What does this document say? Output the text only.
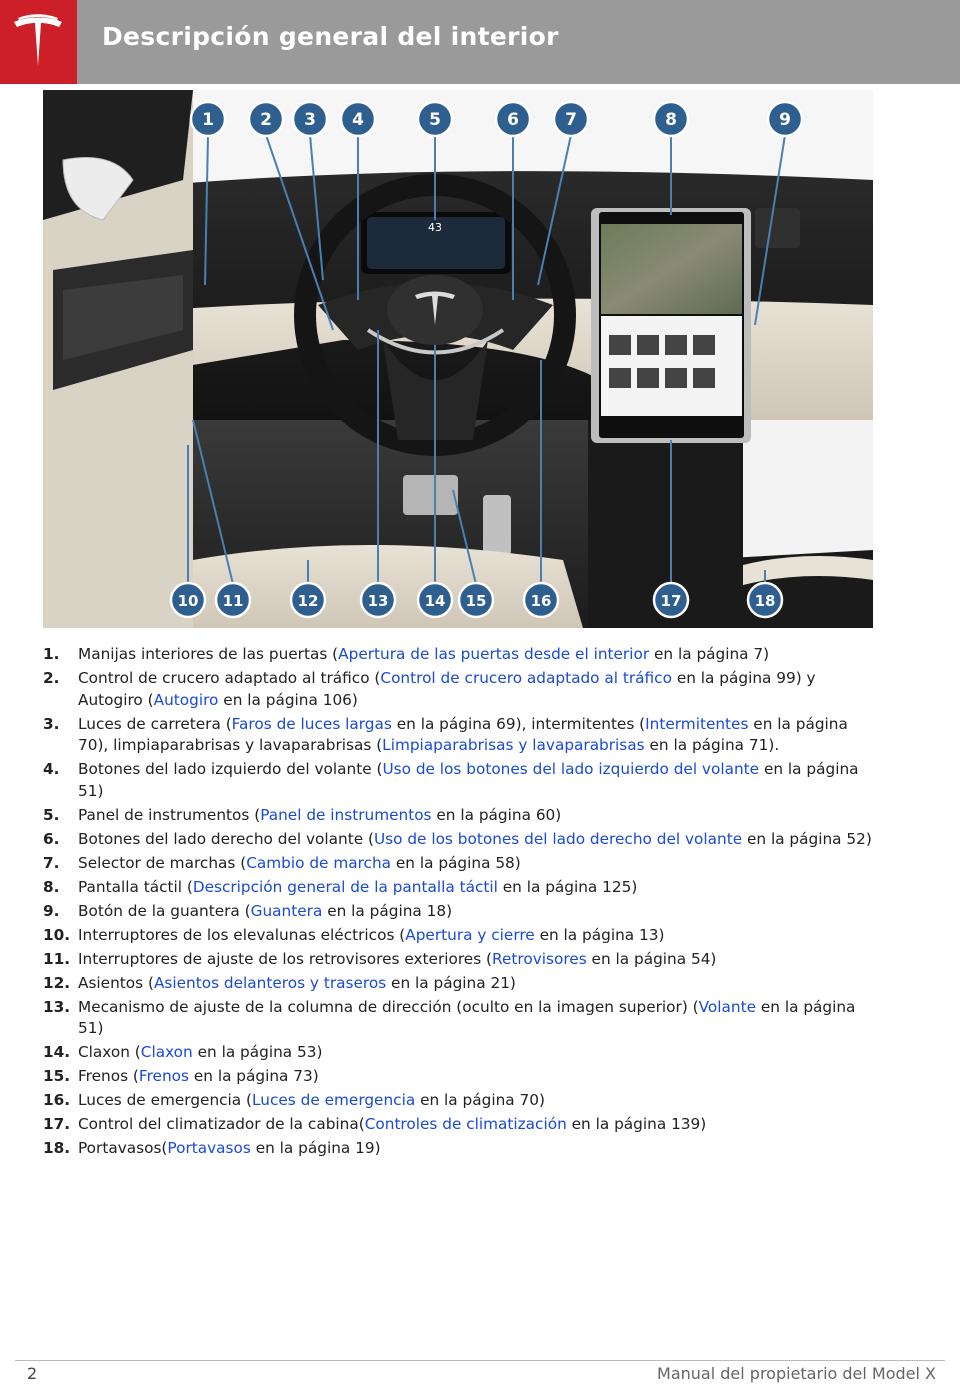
Descripción general del interior
43
1	2 3 4	5	6	7	8	9
10 11	12	13 14 15	16	17	18
1. Manijas interiores de las puertas (Apertura de las puertas desde el interior en la página 7)
2. Control de crucero adaptado al tráfico (Control de crucero adaptado al tráfico en la página 99) y Autogiro (Autogiro en la página 106)
3. Luces de carretera (Faros de luces largas en la página 69), intermitentes (Intermitentes en la página 70), limpiaparabrisas y lavaparabrisas (Limpiaparabrisas y lavaparabrisas en la página 71).
4. Botones del lado izquierdo del volante (Uso de los botones del lado izquierdo del volante en la página 51)
5. Panel de instrumentos (Panel de instrumentos en la página 60)
6. Botones del lado derecho del volante (Uso de los botones del lado derecho del volante en la página 52)
7. Selector de marchas (Cambio de marcha en la página 58)
8. Pantalla táctil (Descripción general de la pantalla táctil en la página 125)
9. Botón de la guantera (Guantera en la página 18)
10. Interruptores de los elevalunas eléctricos (Apertura y cierre en la página 13)
11. Interruptores de ajuste de los retrovisores exteriores (Retrovisores en la página 54)
12. Asientos (Asientos delanteros y traseros en la página 21)
13. Mecanismo de ajuste de la columna de dirección (oculto en la imagen superior) (Volante en la página 51)
14. Claxon (Claxon en la página 53)
15. Frenos (Frenos en la página 73)
16. Luces de emergencia (Luces de emergencia en la página 70)
17. Control del climatizador de la cabina(Controles de climatización en la página 139)
18. Portavasos(Portavasos en la página 19)
2	Manual del propietario del Model X
